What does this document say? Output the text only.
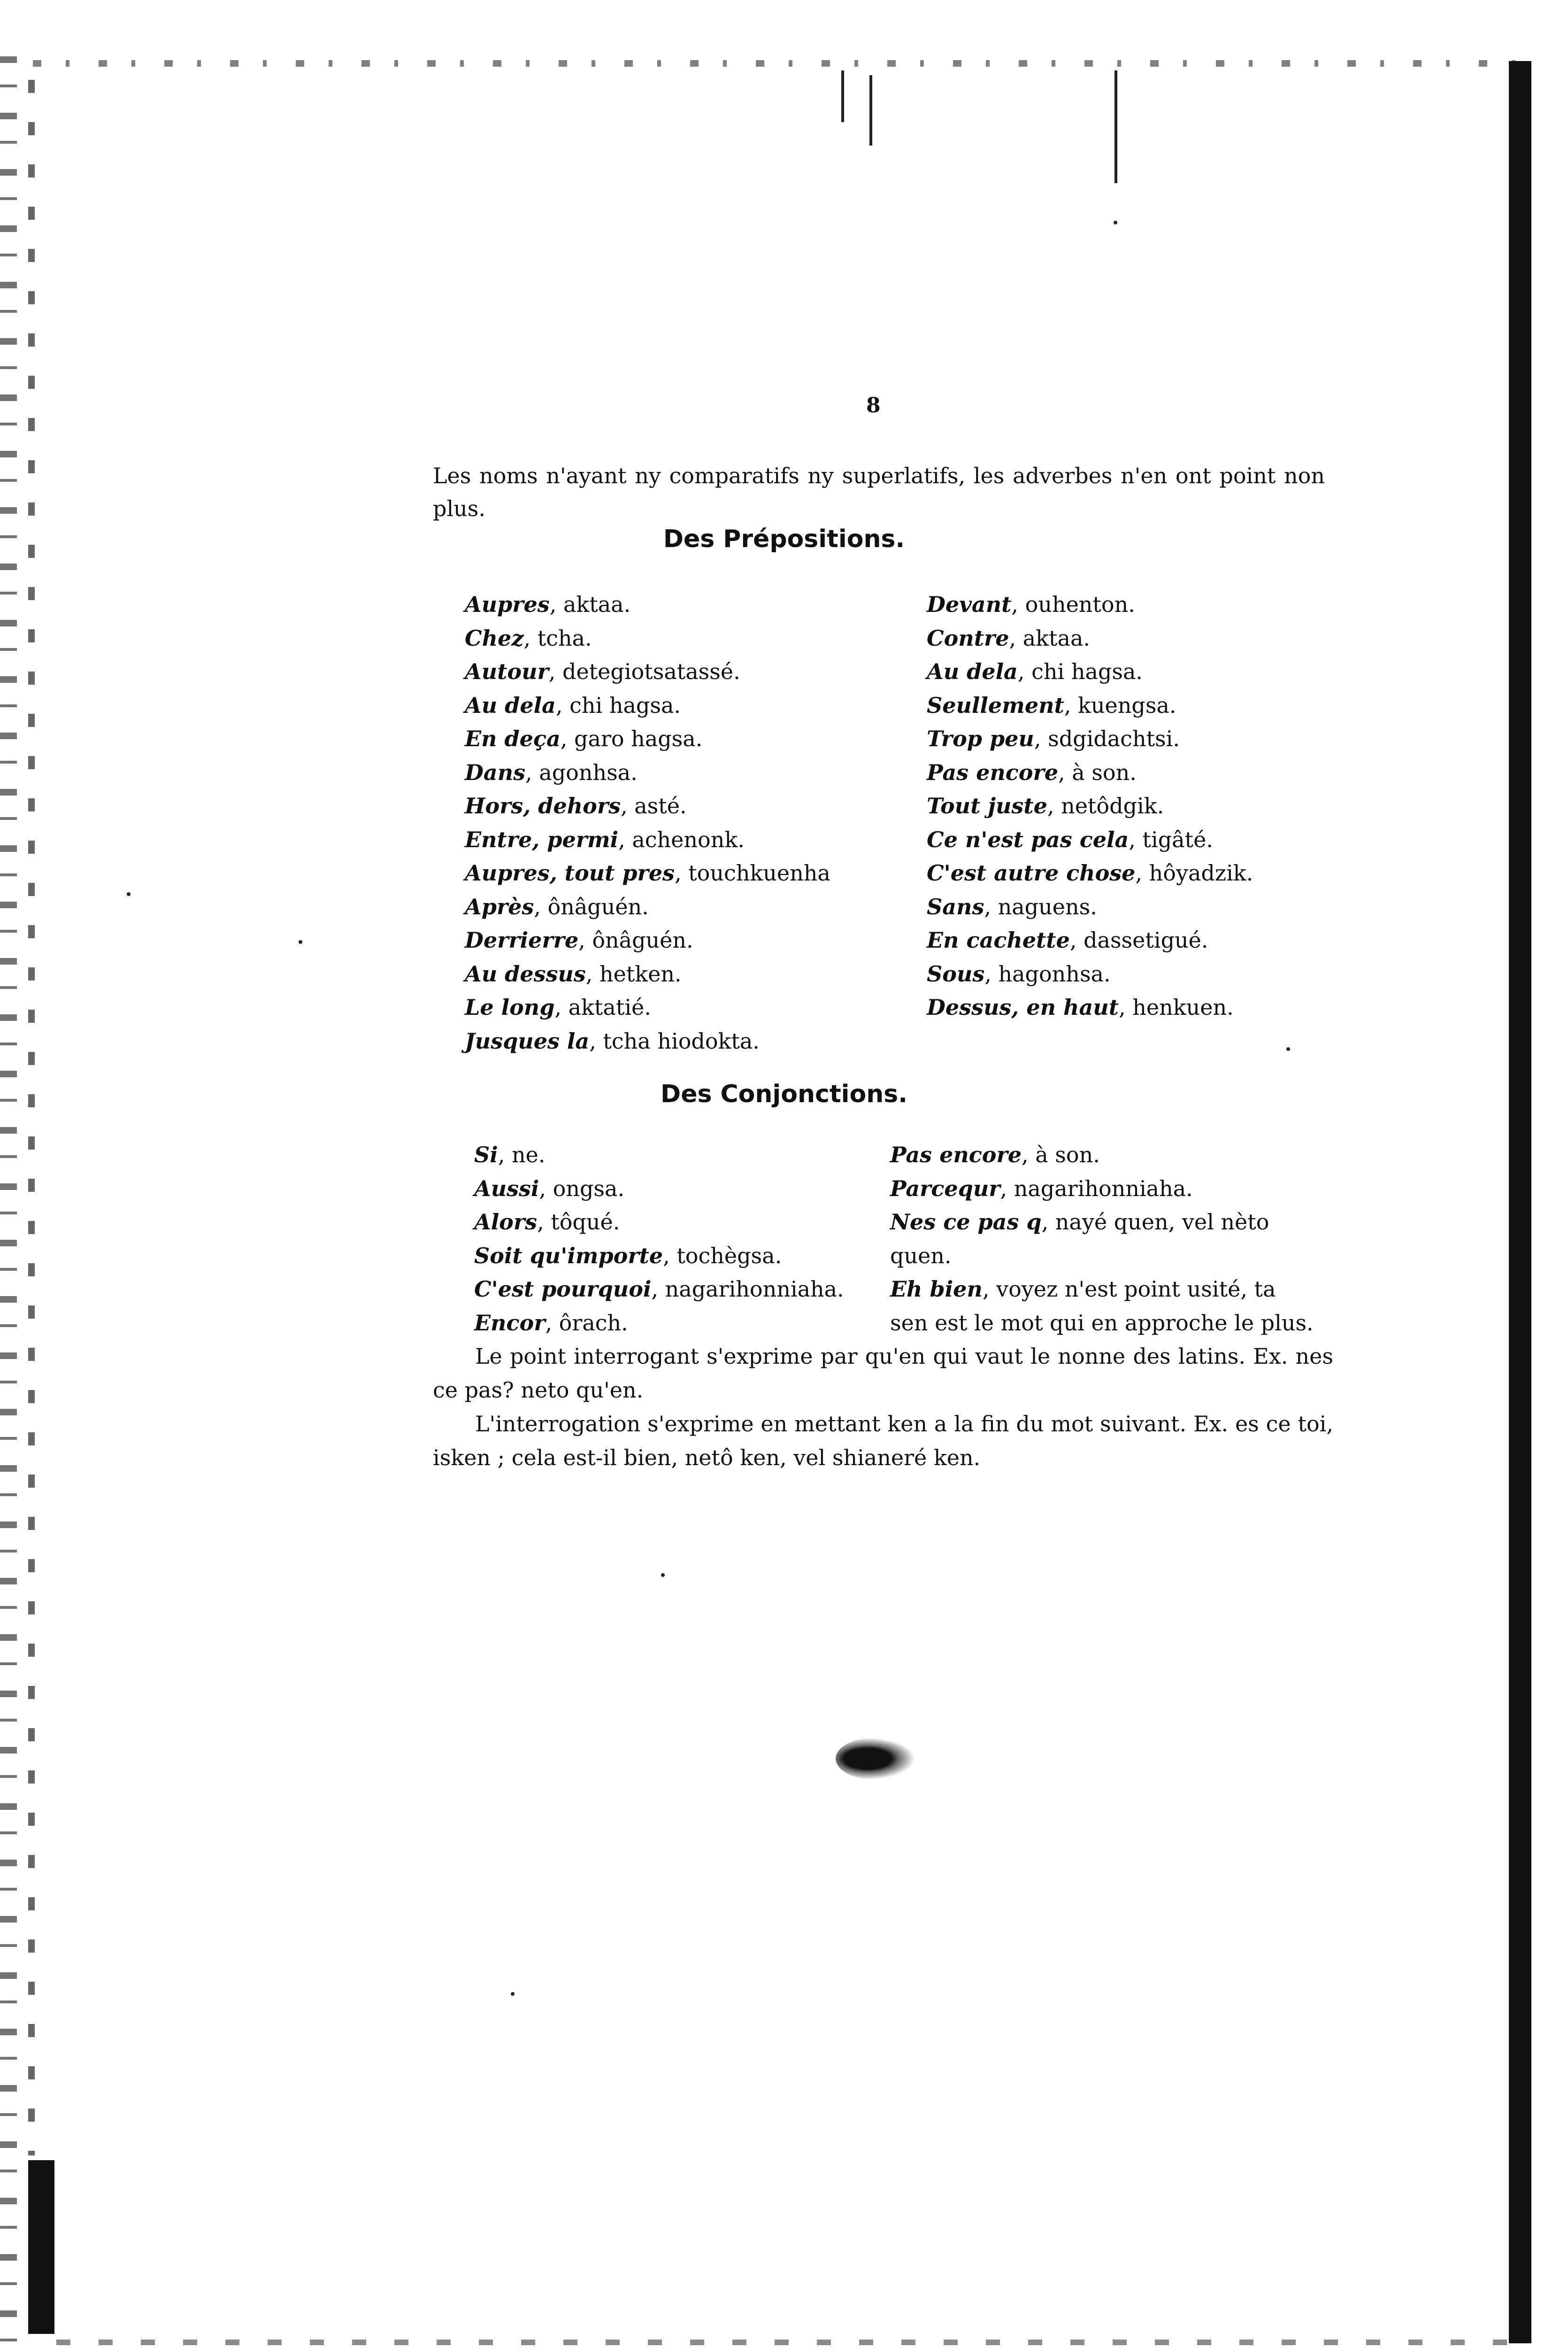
8
Les noms n'ayant ny comparatifs ny superlatifs, les adverbes n'en ont point non plus.
Des Prépositions.
Aupres, aktaa.
Chez, tcha.
Autour, detegiotsatassé.
Au dela, chi hagsa.
En deça, garo hagsa.
Dans, agonhsa.
Hors, dehors, asté.
Entre, permi, achenonk.
Aupres, tout pres, touchkuenha
Après, ônâguén.
Derrierre, ônâguén.
Au dessus, hetken.
Le long, aktatié.
Jusques la, tcha hiodokta.
Devant, ouhenton.
Contre, aktaa.
Au dela, chi hagsa.
Seullement, kuengsa.
Trop peu, sdgidachtsi.
Pas encore, à son.
Tout juste, netôdgik.
Ce n'est pas cela, tigâté.
C'est autre chose, hôyadzik.
Sans, naguens.
En cachette, dassetigué.
Sous, hagonhsa.
Dessus, en haut, henkuen.
Des Conjonctions.
Si, ne.
Aussi, ongsa.
Alors, tôqué.
Soit qu'importe, tochègsa.
C'est pourquoi, nagarihonniaha.
Encor, ôrach.
Pas encore, à son.
Parcequr, nagarihonniaha.
Nes ce pas q, nayé quen, vel nèto
quen.
Eh bien, voyez n'est point usité, ta
sen est le mot qui en approche le plus.
Le point interrogant s'exprime par qu'en qui vaut le nonne des latins. Ex. nes ce pas? neto qu'en.
L'interrogation s'exprime en mettant ken a la fin du mot suivant. Ex. es ce toi, isken ; cela est-il bien, netô ken, vel shianeré ken.
